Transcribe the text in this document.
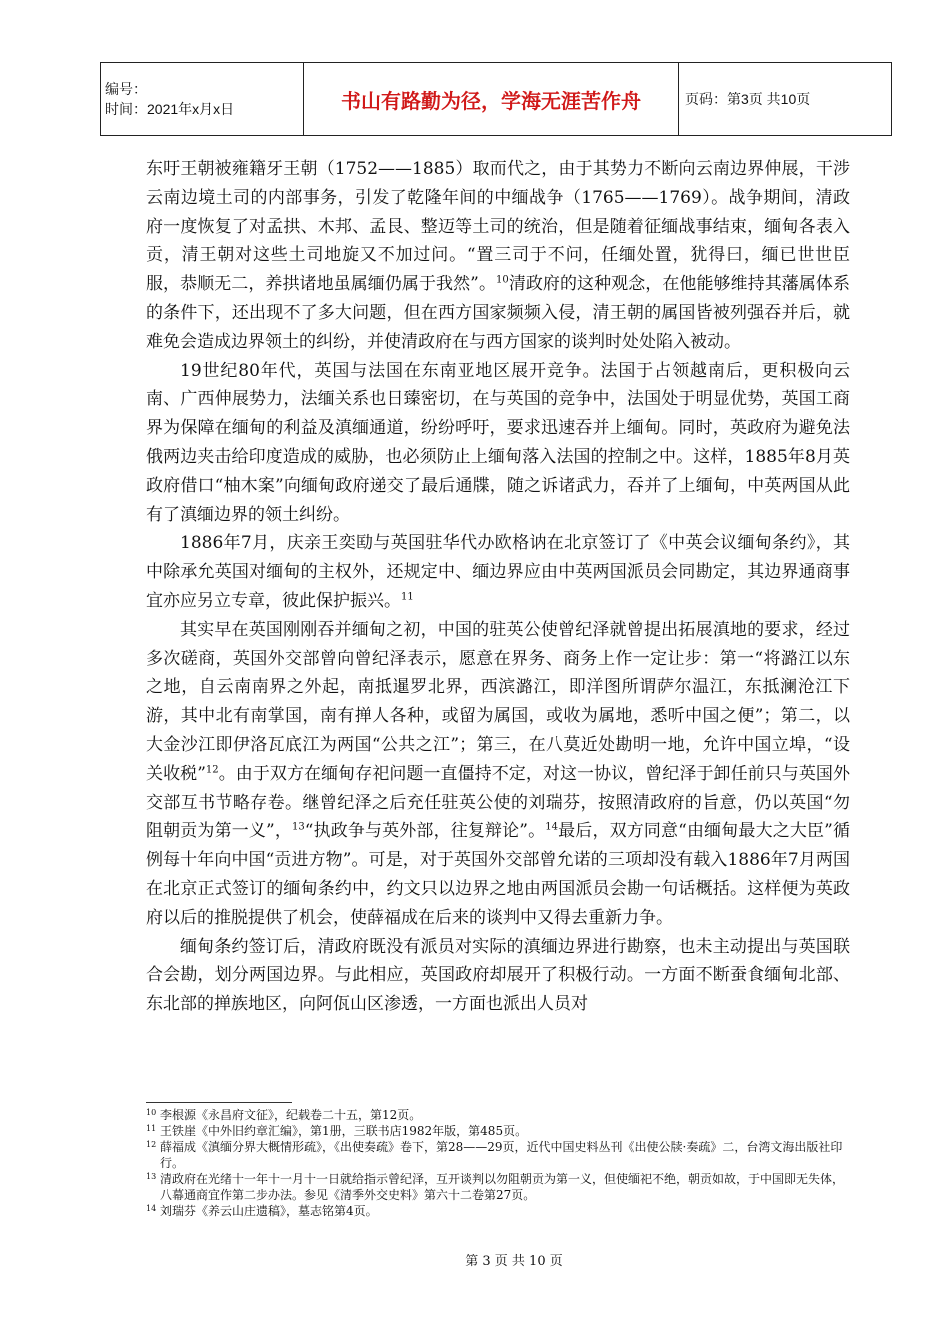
编号：
时间：2021年x月x日	书山有路勤为径，学海无涯苦作舟	页码：第3页 共10页

东吁王朝被雍籍牙王朝（1752——1885）取而代之，由于其势力不断向云南边界伸展，干涉云南边境土司的内部事务，引发了乾隆年间的中缅战争（1765——1769）。战争期间，清政府一度恢复了对孟拱、木邦、孟艮、整迈等土司的统治，但是随着征缅战事结束，缅甸各表入贡，清王朝对这些土司地旋又不加过问。“置三司于不问，任缅处置，犹得曰，缅已世世臣服，恭顺无二，养拱诸地虽属缅仍属于我然”。$^{10}$清政府的这种观念，在他能够维持其藩属体系的条件下，还出现不了多大问题，但在西方国家频频入侵，清王朝的属国皆被列强吞并后，就难免会造成边界领土的纠纷，并使清政府在与西方国家的谈判时处处陷入被动。

19世纪80年代，英国与法国在东南亚地区展开竞争。法国于占领越南后，更积极向云南、广西伸展势力，法缅关系也日臻密切，在与英国的竞争中，法国处于明显优势，英国工商界为保障在缅甸的利益及滇缅通道，纷纷呼吁，要求迅速吞并上缅甸。同时，英政府为避免法俄两边夹击给印度造成的威胁，也必须防止上缅甸落入法国的控制之中。这样，1885年8月英政府借口“柚木案”向缅甸政府递交了最后通牒，随之诉诸武力，吞并了上缅甸，中英两国从此有了滇缅边界的领土纠纷。

1886年7月，庆亲王奕劻与英国驻华代办欧格讷在北京签订了《中英会议缅甸条约》，其中除承允英国对缅甸的主权外，还规定中、缅边界应由中英两国派员会同勘定，其边界通商事宜亦应另立专章，彼此保护振兴。$^{11}$

其实早在英国刚刚吞并缅甸之初，中国的驻英公使曾纪泽就曾提出拓展滇地的要求，经过多次磋商，英国外交部曾向曾纪泽表示，愿意在界务、商务上作一定让步：第一“将潞江以东之地，自云南南界之外起，南抵暹罗北界，西滨潞江，即洋图所谓萨尔温江，东抵澜沧江下游，其中北有南掌国，南有掸人各种，或留为属国，或收为属地，悉听中国之便”；第二，以大金沙江即伊洛瓦底江为两国“公共之江”；第三，在八莫近处勘明一地，允许中国立埠，“设关收税”$^{12}$。由于双方在缅甸存祀问题一直僵持不定，对这一协议，曾纪泽于卸任前只与英国外交部互书节略存卷。继曾纪泽之后充任驻英公使的刘瑞芬，按照清政府的旨意，仍以英国“勿阻朝贡为第一义”，$^{13}$“执政争与英外部，往复辩论”。$^{14}$最后，双方同意“由缅甸最大之大臣”循例每十年向中国“贡进方物”。可是，对于英国外交部曾允诺的三项却没有载入1886年7月两国在北京正式签订的缅甸条约中，约文只以边界之地由两国派员会勘一句话概括。这样便为英政府以后的推脱提供了机会，使薛福成在后来的谈判中又得去重新力争。

缅甸条约签订后，清政府既没有派员对实际的滇缅边界进行勘察，也未主动提出与英国联合会勘，划分两国边界。与此相应，英国政府却展开了积极行动。一方面不断蚕食缅甸北部、东北部的掸族地区，向阿佤山区渗透，一方面也派出人员对

10 李根源《永昌府文征》，纪载卷二十五，第12页。
11 王铁崖《中外旧约章汇编》，第1册，三联书店1982年版，第485页。
12 薛福成《滇缅分界大概情形疏》，《出使奏疏》卷下，第28——29页，近代中国史料丛刊《出使公牍·奏疏》二，台湾文海出版社印行。
13 清政府在光绪十一年十一月十一日就给指示曾纪泽，互开谈判以勿阻朝贡为第一义，但使缅祀不绝，朝贡如故，于中国即无失体，八幕通商宜作第二步办法。参见《清季外交史料》第六十二卷第27页。
14 刘瑞芬《养云山庄遗稿》，墓志铭第4页。
第 3 页 共 10 页
